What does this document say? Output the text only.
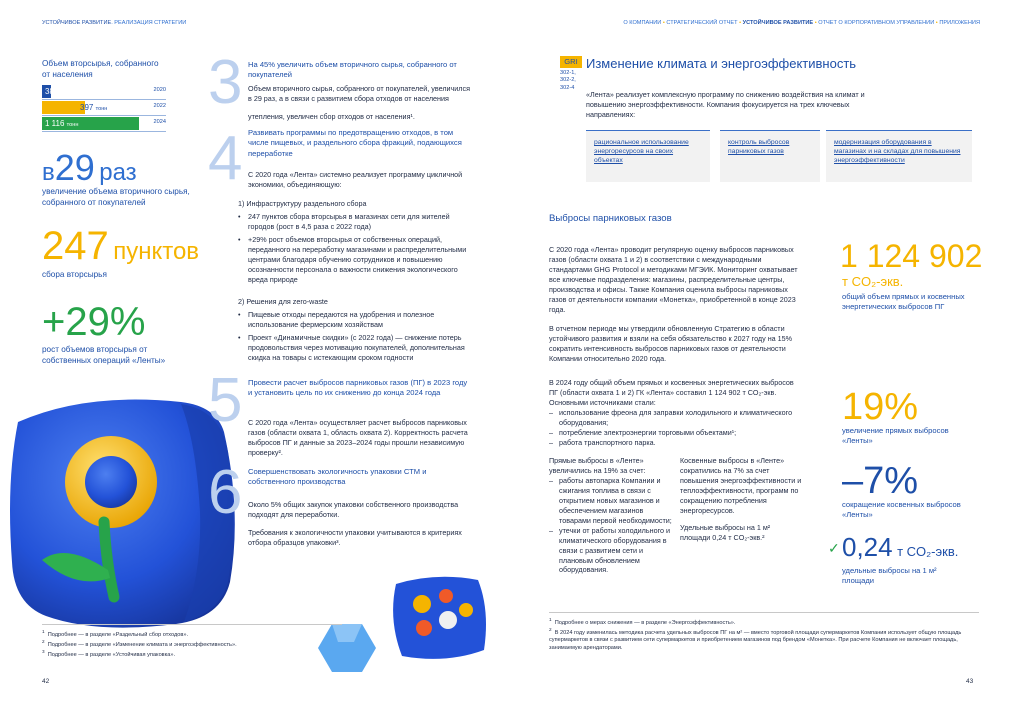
УСТОЙЧИВОЕ РАЗВИТИЕ. РЕАЛИЗАЦИЯ СТРАТЕГИИ	О КОМПАНИИ • СТРАТЕГИЧЕСКИЙ ОТЧЕТ • УСТОЙЧИВОЕ РАЗВИТИЕ • ОТЧЕТ О КОРПОРАТИВНОМ УПРАВЛЕНИИ • ПРИЛОЖЕНИЯ
Объем вторсырья, собранного от населения
38 тонн	2020
397 тонн	2022
1 116 тонн	2024
в29 раз
увеличение объема вторичного сырья, собранного от покупателей
247 пунктов
сбора вторсырья
+29%
рост объемов вторсырья от собственных операций «Ленты»
3 На 45% увеличить объем вторичного сырья, собранного от покупателей
Объем вторичного сырья, собранного от покупателей, увеличился в 29 раз, а в связи с развитием сбора отходов от населения
утепления, увеличен сбор отходов от населения¹.
4 Развивать программы по предотвращению отходов, в том числе пищевых, и раздельного сбора фракций, подающихся переработке
С 2020 года «Лента» системно реализует программу цикличной экономики, объединяющую:
1) Инфраструктуру раздельного сбора
• 247 пунктов сбора вторсырья в магазинах сети для жителей городов (рост в 4,5 раза с 2022 года)
• +29% рост объемов вторсырья от собственных операций, переданного на переработку магазинами и распределительными центрами благодаря обучению сотрудников и повышению осознанности персонала о важности снижения экологического вреда природе
2) Решения для zero-waste
• Пищевые отходы передаются на удобрения и полезное использование фермерским хозяйствам
• Проект «Динамичные скидки» (с 2022 года) — снижение потерь продовольствия через мотивацию покупателей, дополнительная скидка на товары с истекающим сроком годности
5 Провести расчет выбросов парниковых газов (ПГ) в 2023 году и установить цель по их снижению до конца 2024 года
С 2020 года «Лента» осуществляет расчет выбросов парниковых газов (области охвата 1, область охвата 2). Корректность расчета выбросов ПГ и данные за 2023–2024 годы прошли независимую проверку².
6 Совершенствовать экологичность упаковки СТМ и собственного производства
Около 5% общих закупок упаковки собственного производства подходят для переработки.
Требования к экологичности упаковки учитываются в критериях отбора образцов упаковки³.
$^1$  Подробнее — в разделе «Раздельный сбор отходов».
$^2$  Подробнее — в разделе «Изменение климата и энергоэффективность».
$^3$  Подробнее — в разделе «Устойчивая упаковка».
42
GRI
302-1,
302-2,
302-4
Изменение климата и энергоэффективность
«Лента» реализует комплексную программу по снижению воздействия на климат и повышению энергоэффективности. Компания фокусируется на трех ключевых направлениях:
рациональное использование энергоресурсов на своих объектах
контроль выбросов парниковых газов
модернизация оборудования в магазинах и на складах для повышения энергоэффективности
Выбросы парниковых газов
С 2020 года «Лента» проводит регулярную оценку выбросов парниковых газов (области охвата 1 и 2) в соответствии с международными стандартами GHG Protocol и методиками МГЭИК. Мониторинг охватывает все ключевые подразделения: магазины, распределительные центры, производства и офисы. Также Компания оценила выбросы парниковых газов от деятельности компании «Монетка», приобретенной в конце 2023 года.
В отчетном периоде мы утвердили обновленную Стратегию в области устойчивого развития и взяли на себя обязательство к 2027 году на 15% сократить интенсивность выбросов парниковых газов от деятельности Компании относительно 2020 года.
В 2024 году общий объем прямых и косвенных энергетических выбросов ПГ (области охвата 1 и 2) ГК «Лента» составил 1 124 902 т CO₂-экв. Основными источниками стали:
– использование фреона для заправки холодильного и климатического оборудования;
– потребление электроэнергии торговыми объектами¹;
– работа транспортного парка.
Прямые выбросы в «Ленте» увеличились на 19% за счет:
– работы автопарка Компании и сжигания топлива в связи с открытием новых магазинов и обеспечением магазинов товарами первой необходимости;
– утечки от работы холодильного и климатического оборудования в связи с развитием сети и плановым обновлением оборудования.
Косвенные выбросы в «Ленте» сократились на 7% за счет повышения энергоэффективности и теплоэффективности, программ по сокращению потребления энергоресурсов.
Удельные выбросы на 1 м² площади 0,24 т CO₂-экв.²
1 124 902
т CO₂-экв.
общий объем прямых и косвенных энергетических выбросов ПГ
19%
увеличение прямых выбросов «Ленты»
–7%
сокращение косвенных выбросов «Ленты»
✓ 0,24 т CO₂-экв.
удельные выбросы на 1 м² площади
$^1$  Подробнее о мерах снижения — в разделе «Энергоэффективность».
$^2$  В 2024 году изменилась методика расчета удельных выбросов ПГ на м² — вместо торговой площади супермаркетов Компания использует общую площадь супермаркетов в связи с развитием сети супермаркетов и приобретением магазинов под брендом «Монетка». При расчете Компания не включает площадь, занимаемую арендаторами.
43
